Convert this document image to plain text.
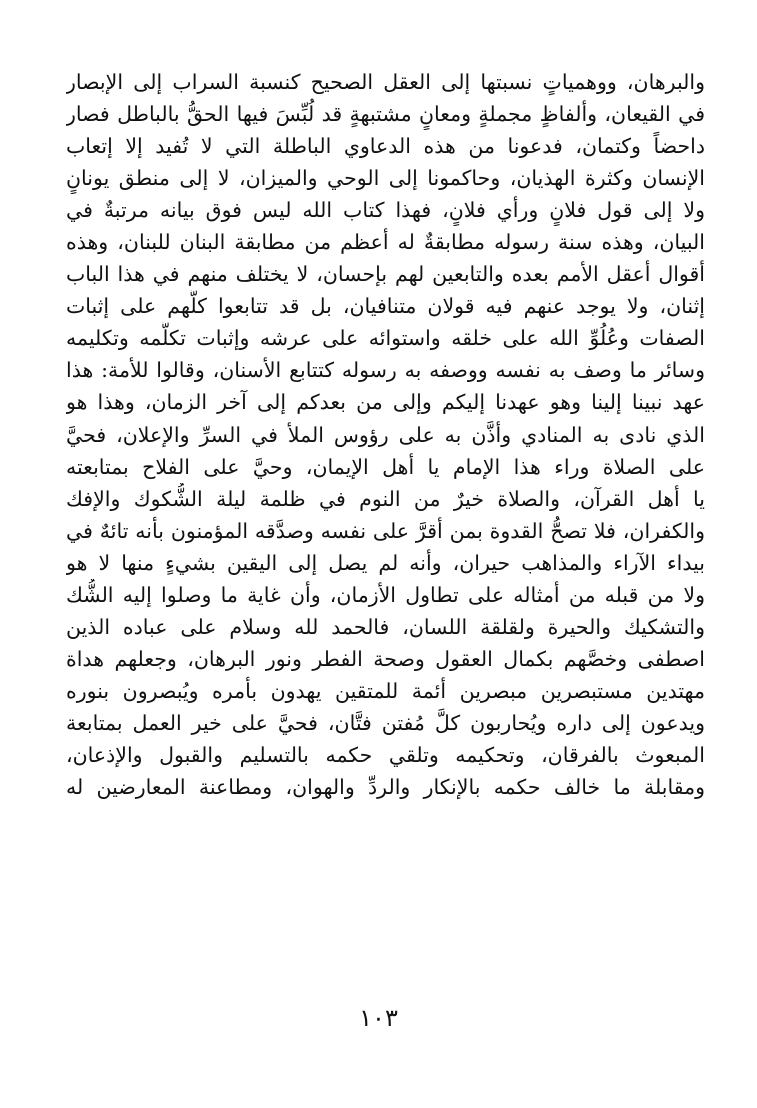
والبرهان، ووهمياتٍ نسبتها إلى العقل الصحيح كنسبة السراب إلى الإبصار
في القيعان، وألفاظٍ مجملةٍ ومعانٍ مشتبهةٍ قد لُبِّسَ فيها الحقُّ بالباطل فصار
داحضاً وكتمان، فدعونا من هذه الدعاوي الباطلة التي لا تُفيد إلا إتعاب
الإنسان وكثرة الهذيان، وحاكمونا إلى الوحي والميزان، لا إلى منطق يونانٍ
ولا إلى قول فلانٍ ورأي فلانٍ، فهذا كتاب الله ليس فوق بيانه مرتبةٌ في
البيان، وهذه سنة رسوله مطابقةٌ له أعظم من مطابقة البنان للبنان، وهذه
أقوال أعقل الأمم بعده والتابعين لهم بإحسان، لا يختلف منهم في هذا الباب
إثنان، ولا يوجد عنهم فيه قولان متنافيان، بل قد تتابعوا كلُّهم على إثبات
الصفات وعُلُوِّ الله على خلقه واستوائه على عرشه وإثبات تكلُّمه وتكليمه
وسائر ما وصف به نفسه ووصفه به رسوله كتتابع الأسنان، وقالوا للأمة: هذا
عهد نبينا إلينا وهو عهدنا إليكم وإلى من بعدكم إلى آخر الزمان، وهذا هو
الذي نادى به المنادي وأذَّن به على رؤوس الملأ في السرِّ والإعلان، فحيَّ
على الصلاة وراء هذا الإمام يا أهل الإيمان، وحيَّ على الفلاح بمتابعته
يا أهل القرآن، والصلاة خيرٌ من النوم في ظلمة ليلة الشُّكوك والإفك
والكفران، فلا تصحُّ القدوة بمن أقرَّ على نفسه وصدَّقه المؤمنون بأنه تائهٌ في
بيداء الآراء والمذاهب حيران، وأنه لم يصل إلى اليقين بشيءٍ منها لا هو
ولا من قبله من أمثاله على تطاول الأزمان، وأن غاية ما وصلوا إليه الشُّك
والتشكيك والحيرة ولقلقة اللسان، فالحمد لله وسلام على عباده الذين
اصطفى وخصَّهم بكمال العقول وصحة الفطر ونور البرهان، وجعلهم هداة
مهتدين مستبصرين مبصرين أئمة للمتقين يهدون بأمره ويُبصرون بنوره
ويدعون إلى داره ويُحاربون كلَّ مُفتن فتَّان، فحيَّ على خير العمل بمتابعة
المبعوث بالفرقان، وتحكيمه وتلقي حكمه بالتسليم والقبول والإذعان،
ومقابلة ما خالف حكمه بالإنكار والردِّ والهوان، ومطاعنة المعارضين له
١٠٣
